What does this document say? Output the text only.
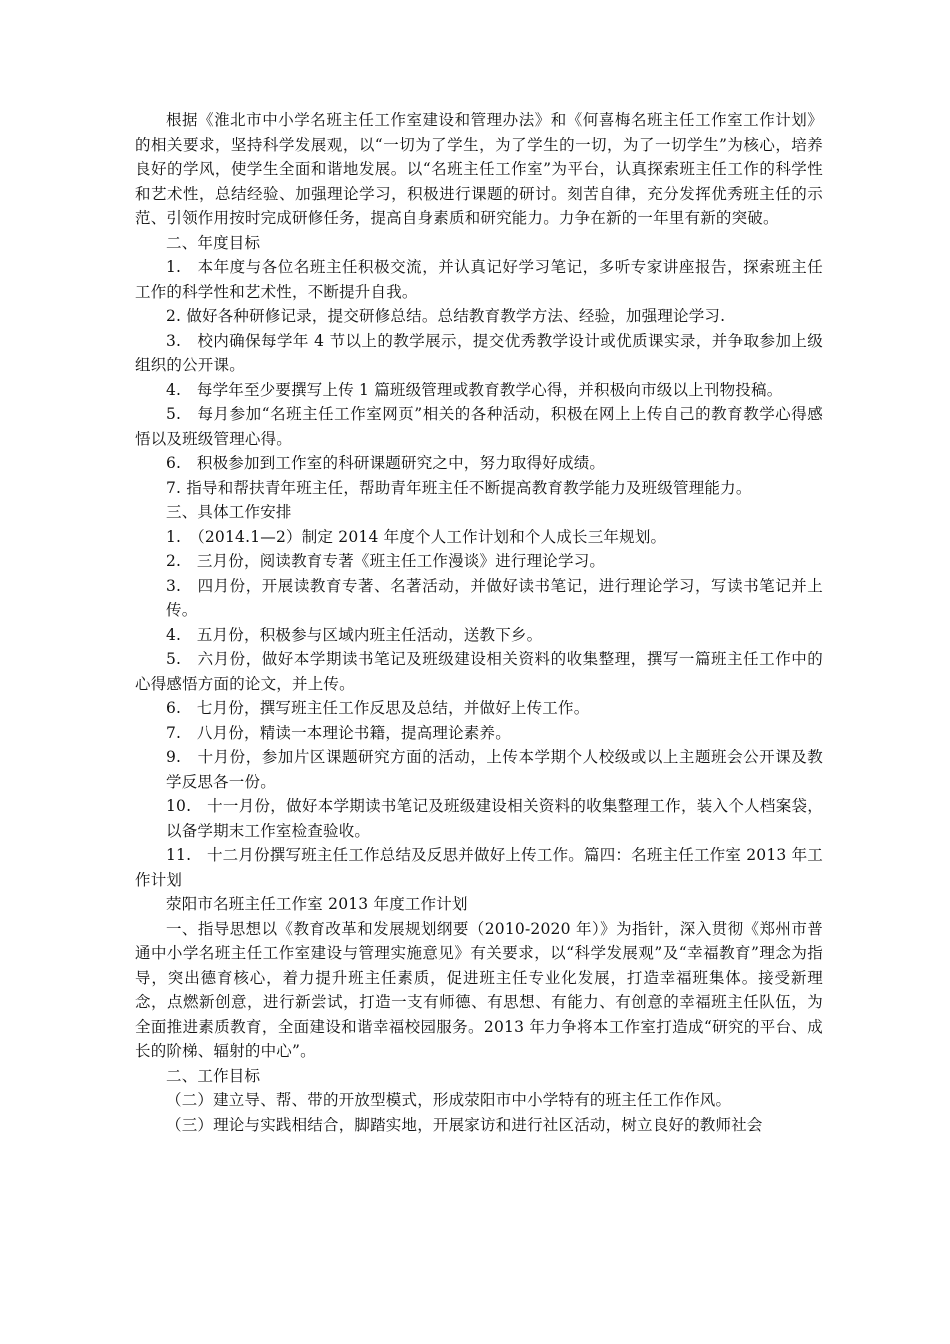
根据《淮北市中小学名班主任工作室建设和管理办法》和《何喜梅名班主任工作室工作计划》的相关要求，坚持科学发展观，以“一切为了学生，为了学生的一切，为了一切学生”为核心，培养良好的学风，使学生全面和谐地发展。以“名班主任工作室”为平台，认真探索班主任工作的科学性和艺术性，总结经验、加强理论学习，积极进行课题的研讨。刻苦自律，充分发挥优秀班主任的示范、引领作用按时完成研修任务，提高自身素质和研究能力。力争在新的一年里有新的突破。

二、年度目标

1.　本年度与各位名班主任积极交流，并认真记好学习笔记，多听专家讲座报告，探索班主任工作的科学性和艺术性，不断提升自我。

2. 做好各种研修记录，提交研修总结。总结教育教学方法、经验，加强理论学习.

3.　校内确保每学年 4 节以上的教学展示，提交优秀教学设计或优质课实录，并争取参加上级组织的公开课。

4.　每学年至少要撰写上传 1 篇班级管理或教育教学心得，并积极向市级以上刊物投稿。

5.　每月参加“名班主任工作室网页”相关的各种活动，积极在网上上传自己的教育教学心得感悟以及班级管理心得。

6.　积极参加到工作室的科研课题研究之中，努力取得好成绩。

7. 指导和帮扶青年班主任，帮助青年班主任不断提高教育教学能力及班级管理能力。

三、具体工作安排

1.　（2014.1—2）制定 2014 年度个人工作计划和个人成长三年规划。

2.　三月份，阅读教育专著《班主任工作漫谈》进行理论学习。

3.　四月份，开展读教育专著、名著活动，并做好读书笔记，进行理论学习，写读书笔记并上传。

4.　五月份，积极参与区域内班主任活动，送教下乡。

5.　六月份，做好本学期读书笔记及班级建设相关资料的收集整理，撰写一篇班主任工作中的心得感悟方面的论文，并上传。

6.　七月份，撰写班主任工作反思及总结，并做好上传工作。

7.　八月份，精读一本理论书籍，提高理论素养。

9.　十月份，参加片区课题研究方面的活动，上传本学期个人校级或以上主题班会公开课及教学反思各一份。

10.　十一月份，做好本学期读书笔记及班级建设相关资料的收集整理工作，装入个人档案袋，以备学期末工作室检查验收。

11.　十二月份撰写班主任工作总结及反思并做好上传工作。篇四：名班主任工作室 2013 年工作计划

荥阳市名班主任工作室 2013 年度工作计划

一、指导思想以《教育改革和发展规划纲要（2010-2020 年）》为指针，深入贯彻《郑州市普通中小学名班主任工作室建设与管理实施意见》有关要求，以“科学发展观”及“幸福教育”理念为指导，突出德育核心，着力提升班主任素质，促进班主任专业化发展，打造幸福班集体。接受新理念，点燃新创意，进行新尝试，打造一支有师德、有思想、有能力、有创意的幸福班主任队伍，为全面推进素质教育，全面建设和谐幸福校园服务。2013 年力争将本工作室打造成“研究的平台、成长的阶梯、辐射的中心”。

二、工作目标

（二）建立导、帮、带的开放型模式，形成荥阳市中小学特有的班主任工作作风。

（三）理论与实践相结合，脚踏实地，开展家访和进行社区活动，树立良好的教师社会
